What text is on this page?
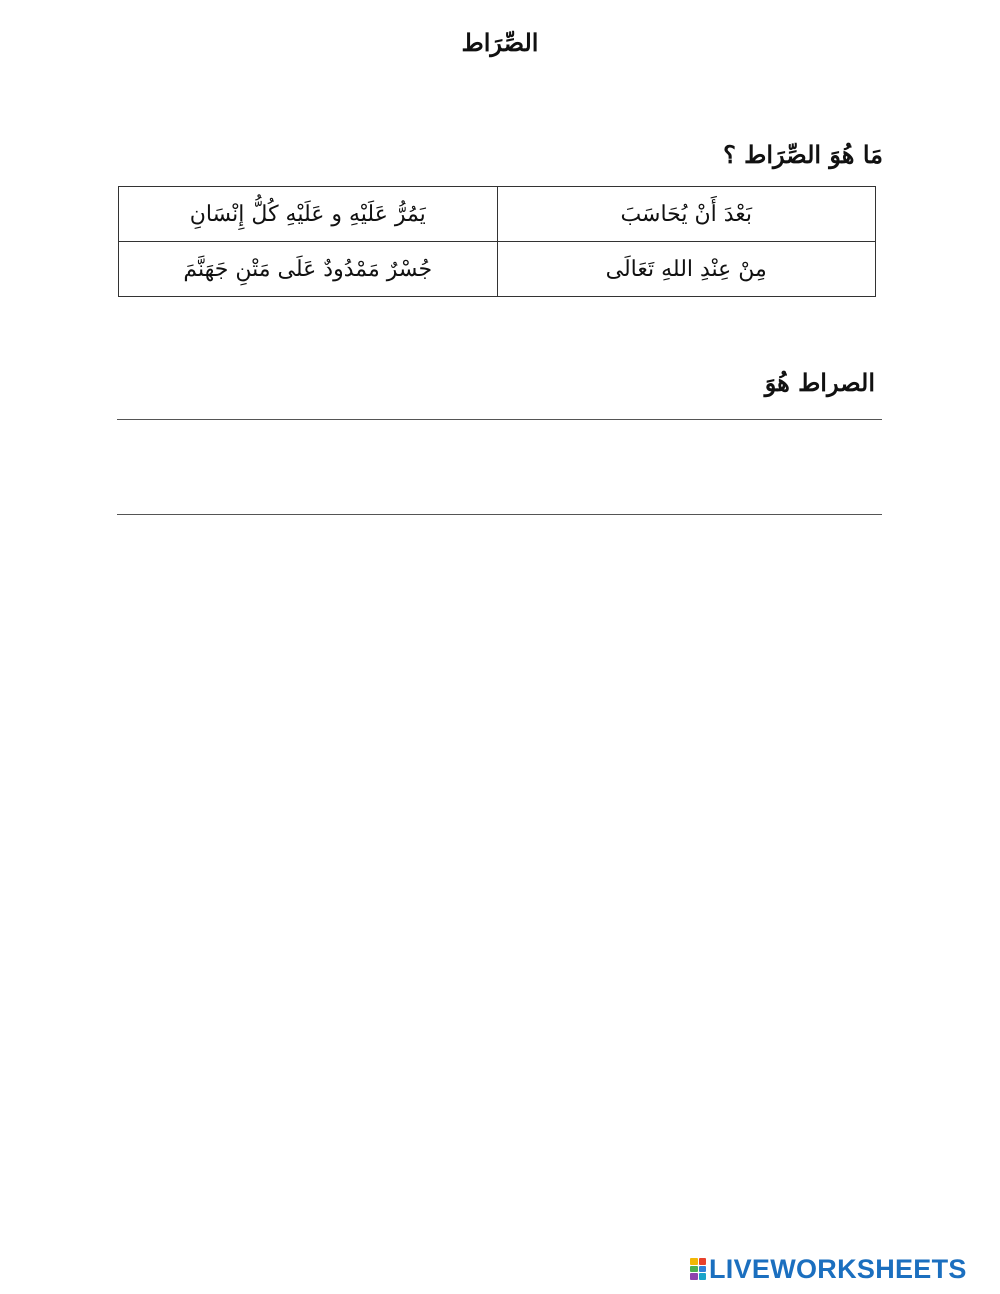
الصِّرَاط
مَا هُوَ الصِّرَاط ؟
بَعْدَ أَنْ يُحَاسَبَ	يَمُرُّ عَلَيْهِ و عَلَيْهِ كُلُّ إِنْسَانِ
مِنْ عِنْدِ اللهِ تَعَالَى	جُسْرٌ مَمْدُودٌ عَلَى مَتْنِ جَهَنَّمَ
الصراط هُوَ
LIVEWORKSHEETS
